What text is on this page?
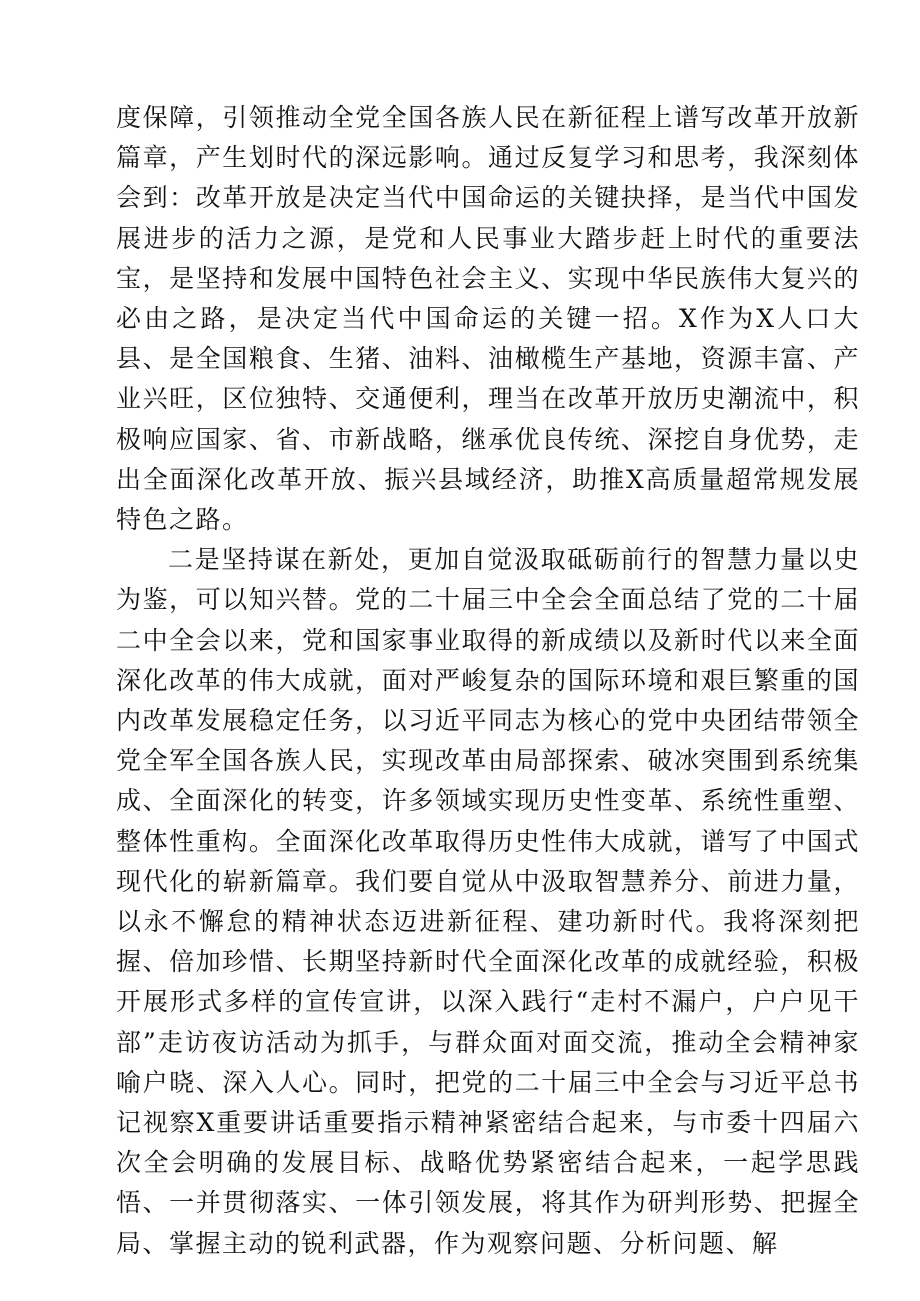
度保障，引领推动全党全国各族人民在新征程上谱写改革开放新篇章，产生划时代的深远影响。通过反复学习和思考，我深刻体会到：改革开放是决定当代中国命运的关键抉择，是当代中国发展进步的活力之源，是党和人民事业大踏步赶上时代的重要法宝，是坚持和发展中国特色社会主义、实现中华民族伟大复兴的必由之路，是决定当代中国命运的关键一招。X作为X人口大县、是全国粮食、生猪、油料、油橄榄生产基地，资源丰富、产业兴旺，区位独特、交通便利，理当在改革开放历史潮流中，积极响应国家、省、市新战略，继承优良传统、深挖自身优势，走出全面深化改革开放、振兴县域经济，助推X高质量超常规发展特色之路。

二是坚持谋在新处，更加自觉汲取砥砺前行的智慧力量以史为鉴，可以知兴替。党的二十届三中全会全面总结了党的二十届二中全会以来，党和国家事业取得的新成绩以及新时代以来全面深化改革的伟大成就，面对严峻复杂的国际环境和艰巨繁重的国内改革发展稳定任务，以习近平同志为核心的党中央团结带领全党全军全国各族人民，实现改革由局部探索、破冰突围到系统集成、全面深化的转变，许多领域实现历史性变革、系统性重塑、整体性重构。全面深化改革取得历史性伟大成就，谱写了中国式现代化的崭新篇章。我们要自觉从中汲取智慧养分、前进力量，以永不懈怠的精神状态迈进新征程、建功新时代。我将深刻把握、倍加珍惜、长期坚持新时代全面深化改革的成就经验，积极开展形式多样的宣传宣讲，以深入践行“走村不漏户，户户见干部”走访夜访活动为抓手，与群众面对面交流，推动全会精神家喻户晓、深入人心。同时，把党的二十届三中全会与习近平总书记视察X重要讲话重要指示精神紧密结合起来，与市委十四届六次全会明确的发展目标、战略优势紧密结合起来，一起学思践悟、一并贯彻落实、一体引领发展，将其作为研判形势、把握全局、掌握主动的锐利武器，作为观察问题、分析问题、解
